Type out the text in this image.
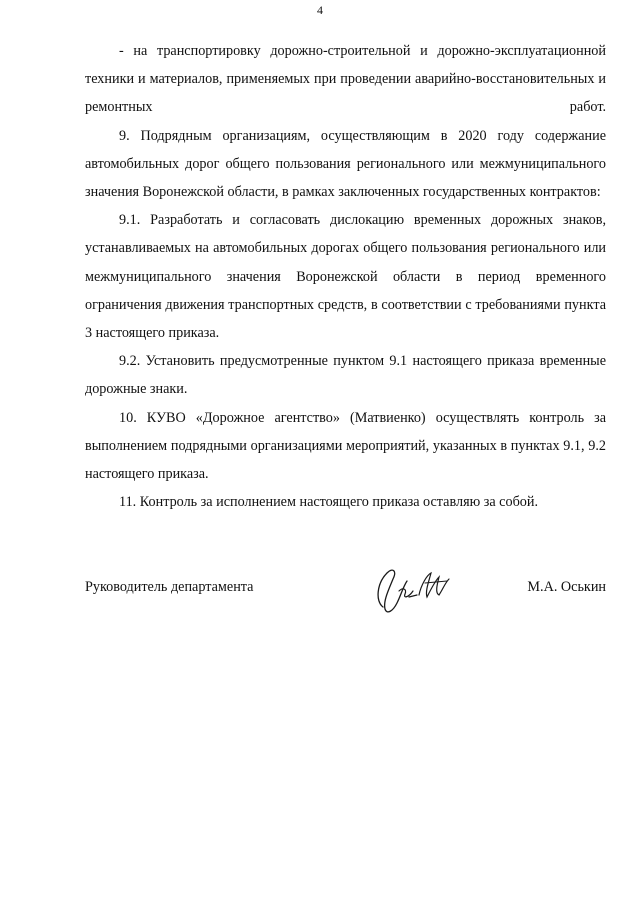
4

- на транспортировку дорожно-строительной и дорожно-эксплуатационной техники и материалов, применяемых при проведении аварийно-восстановительных и ремонтных работ.

9. Подрядным организациям, осуществляющим в 2020 году содержание автомобильных дорог общего пользования регионального или межмуниципального значения Воронежской области, в рамках заключенных государственных контрактов:

9.1. Разработать и согласовать дислокацию временных дорожных знаков, устанавливаемых на автомобильных дорогах общего пользования регионального или межмуниципального значения Воронежской области в период временного ограничения движения транспортных средств, в соответствии с требованиями пункта 3 настоящего приказа.

9.2. Установить предусмотренные пунктом 9.1 настоящего приказа временные дорожные знаки.

10. КУВО «Дорожное агентство» (Матвиенко) осуществлять контроль за выполнением подрядными организациями мероприятий, указанных в пунктах 9.1, 9.2 настоящего приказа.

11. Контроль за исполнением настоящего приказа оставляю за собой.

Руководитель департамента	М.А. Оськин
